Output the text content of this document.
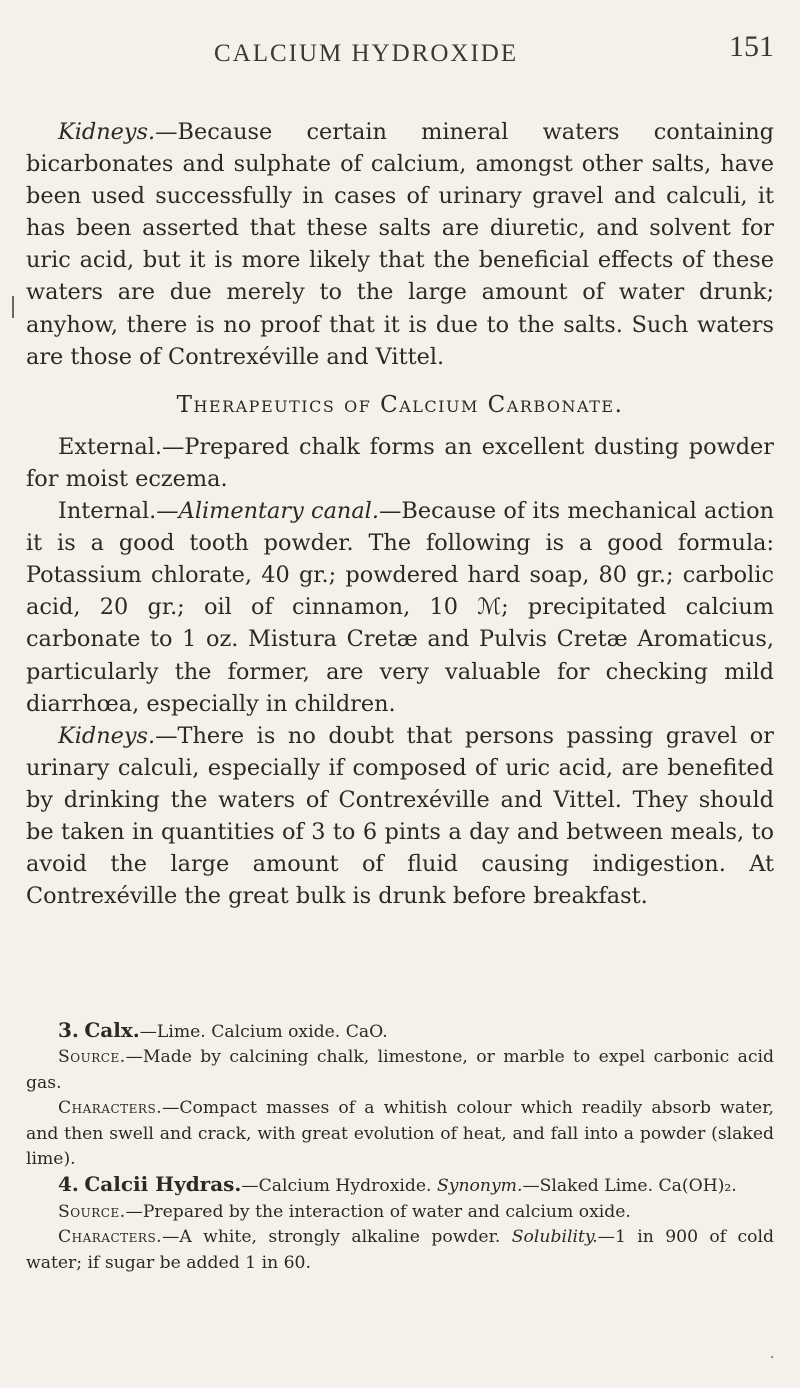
CALCIUM HYDROXIDE	151

Kidneys.—Because certain mineral waters containing bicarbonates and sulphate of calcium, amongst other salts, have been used successfully in cases of urinary gravel and calculi, it has been asserted that these salts are diuretic, and solvent for uric acid, but it is more likely that the beneficial effects of these waters are due merely to the large amount of water drunk; anyhow, there is no proof that it is due to the salts. Such waters are those of Contrexéville and Vittel.

Therapeutics of Calcium Carbonate.

External.—Prepared chalk forms an excellent dusting powder for moist eczema.

Internal.—Alimentary canal.—Because of its mechanical action it is a good tooth powder. The following is a good formula: Potassium chlorate, 40 gr.; powdered hard soap, 80 gr.; carbolic acid, 20 gr.; oil of cinnamon, 10 ℳ; precipitated calcium carbonate to 1 oz. Mistura Cretæ and Pulvis Cretæ Aromaticus, particularly the former, are very valuable for checking mild diarrhœa, especially in children.

Kidneys.—There is no doubt that persons passing gravel or urinary calculi, especially if composed of uric acid, are benefited by drinking the waters of Contrexéville and Vittel. They should be taken in quantities of 3 to 6 pints a day and between meals, to avoid the large amount of fluid causing indigestion. At Contrexéville the great bulk is drunk before breakfast.

3. Calx.—Lime. Calcium oxide. CaO.

Source.—Made by calcining chalk, limestone, or marble to expel carbonic acid gas.

Characters.—Compact masses of a whitish colour which readily absorb water, and then swell and crack, with great evolution of heat, and fall into a powder (slaked lime).

4. Calcii Hydras.—Calcium Hydroxide. Synonym.—Slaked Lime. Ca(OH)₂.

Source.—Prepared by the interaction of water and calcium oxide.

Characters.—A white, strongly alkaline powder. Solubility.—1 in 900 of cold water; if sugar be added 1 in 60.

·
